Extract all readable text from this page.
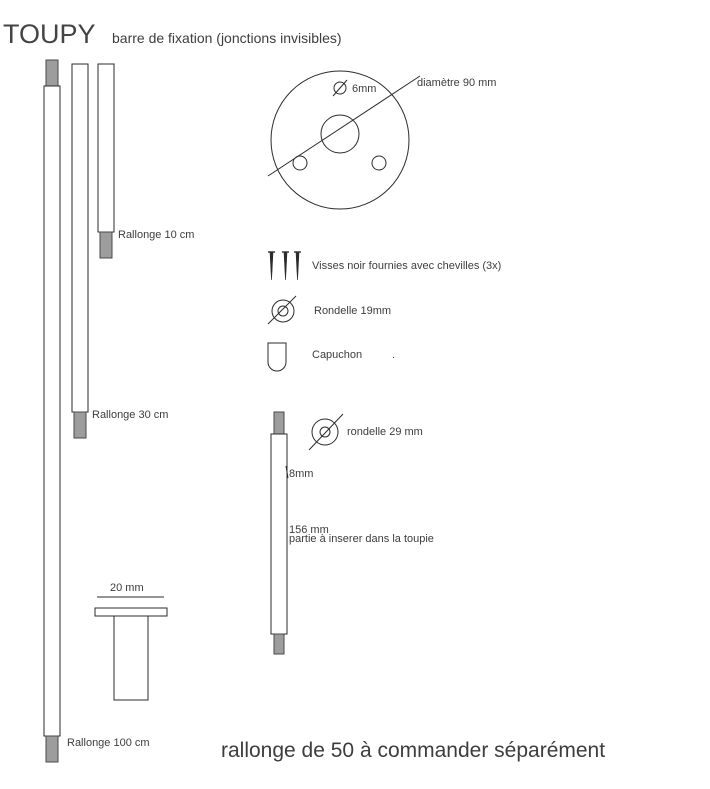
TOUPY barre de fixation (jonctions invisibles)
Rallonge 100 cm
Rallonge 30 cm
Rallonge 10 cm
6mm	diamètre 90 mm
Visses noir fournies avec chevilles (3x)
Rondelle 19mm
Capuchon	.
8mm
156 mm
partie à inserer dans la toupie
rondelle 29 mm
20 mm
rallonge de 50 à commander séparément
